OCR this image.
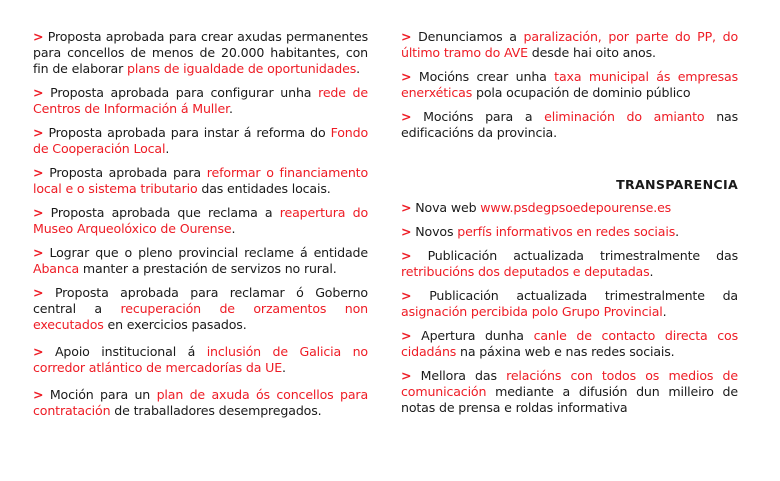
> Proposta aprobada para crear axudas permanentes para concellos de menos de 20.000 habitantes, con fin de elaborar plans de igualdade de oportunidades.

> Proposta aprobada para configurar unha rede de Centros de Información á Muller.

> Proposta aprobada para instar á reforma do Fondo de Cooperación Local.

> Proposta aprobada para reformar o financiamento local e o sistema tributario das entidades locais.

> Proposta aprobada que reclama a reapertura do Museo Arqueolóxico de Ourense.

> Lograr que o pleno provincial reclame á entidade Abanca manter a prestación de servizos no rural.

> Proposta aprobada para reclamar ó Goberno central a recuperación de orzamentos non executados en exercicios pasados.

> Apoio institucional á inclusión de Galicia no corredor atlántico de mercadorías da UE.

> Moción para un plan de axuda ós concellos para contratación de traballadores desempregados.

> Denunciamos a paralización, por parte do PP, do último tramo do AVE desde hai oito anos.

> Mocións crear unha taxa municipal ás empresas enerxéticas pola ocupación de dominio público

> Mocións para a eliminación do amianto nas edificacións da provincia.

TRANSPARENCIA

> Nova web www.psdegpsoedepourense.es

> Novos perfís informativos en redes sociais.

> Publicación actualizada trimestralmente das retribucións dos deputados e deputadas.

> Publicación actualizada trimestralmente da asignación percibida polo Grupo Provincial.

> Apertura dunha canle de contacto directa cos cidadáns na páxina web e nas redes sociais.

> Mellora das relacións con todos os medios de comunicación mediante a difusión dun milleiro de notas de prensa e roldas informativa
